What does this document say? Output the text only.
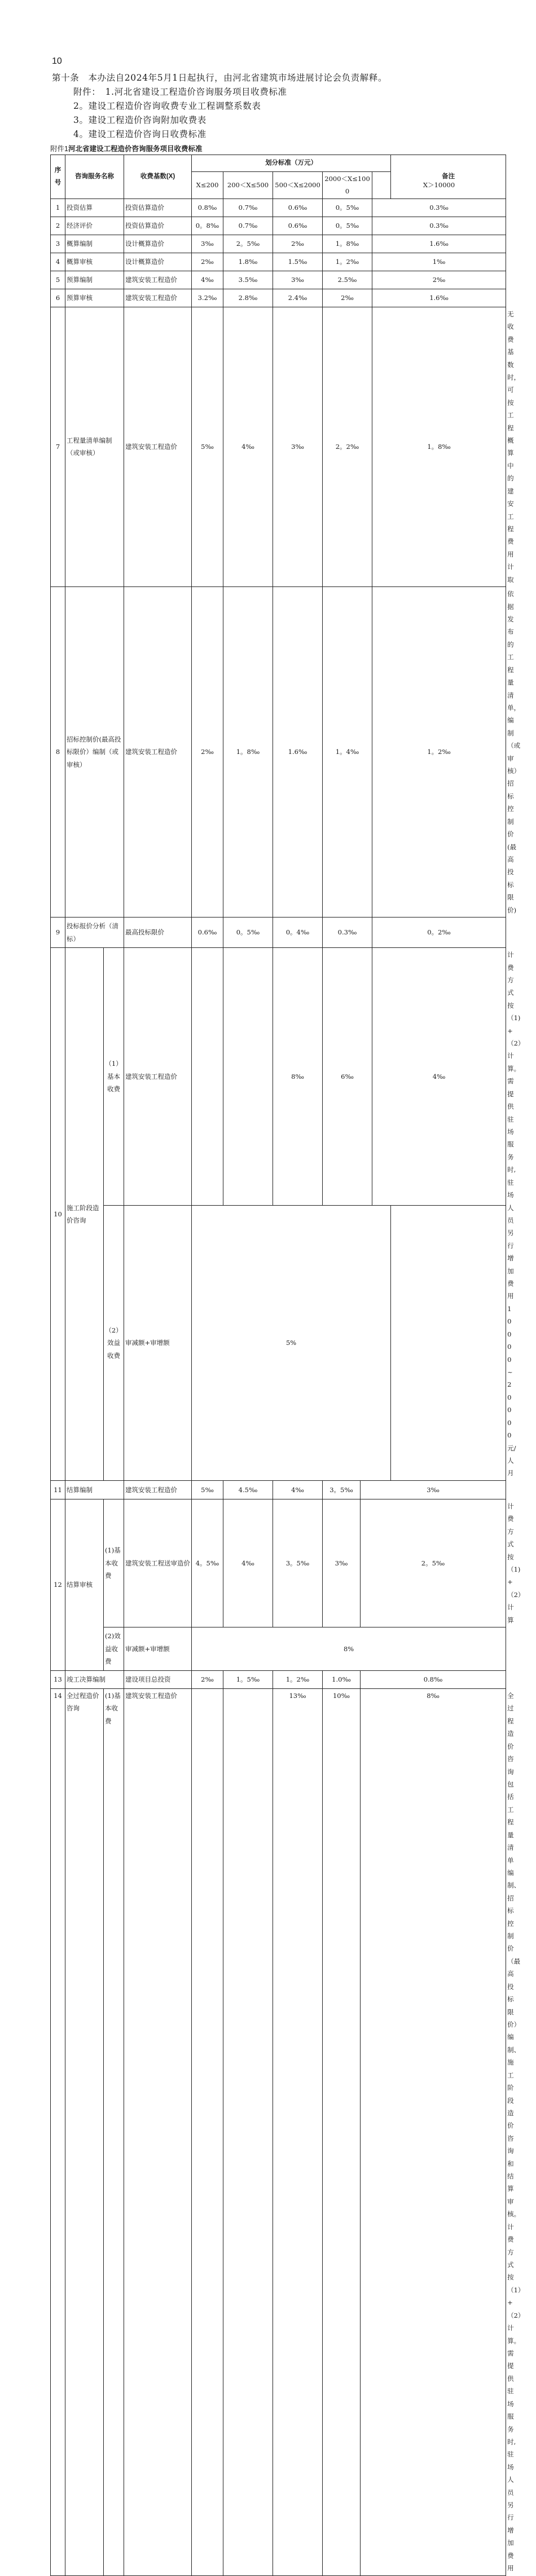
10
第十条　本办法自2024年5月1日起执行，由河北省建筑市场进展讨论会负责解释。
附件：　1.河北省建设工程造价咨询服务项目收费标准
2。建设工程造价咨询收费专业工程调整系数表
3。建设工程造价咨询附加收费表
4。建设工程造价咨询日收费标准
附件1河北省建设工程造价咨询服务项目收费标准
序号	咨询服务名称		收费基数(X)	划分标准（万元）						备注	
				X≤200	200＜X≤500	500＜X≤2000	2000＜X≤1000		X＞10000		
1	投资估算		投资估算造价	0.8‰	0.7‰	0.6‰	0。5‰		0.3‰		
2	经济评价		投资估算造价	0。8‰	0.7‰	0.6‰	0。5‰		0.3‰		
3	概算编制		设计概算造价	3‰	2。5‰	2‰	1。8‰		1.6‰		
4	概算审核		设计概算造价	2‰	1.8‰	1.5‰	1。2‰		1‰		
5	预算编制		建筑安装工程造价	4‰	3.5‰	3‰	2.5‰		2‰		
6	预算审核		建筑安装工程造价	3.2‰	2.8‰	2.4‰	2‰		1.6‰		
7	工程量清单编制（或审核）		建筑安装工程造价	5‰	4‰	3‰	2。2‰		1。8‰		无收费基数时，可按工程概算中的建安工程费用计取
8	招标控制价(最高投标限价）编制（或审核）		建筑安装工程造价	2‰	1。8‰	1.6‰	1。4‰		1。2‰		依据发布的工程量清单，编制（或审核）招标控制价(最高投标限价)
9	投标报价分析（清标）		最高投标限价	0.6‰	0。5‰	0。4‰	0.3‰		0。2‰		
10	施工阶段造价咨询	（1）基本收费	建筑安装工程造价			8‰	6‰		4‰		计费方式按（1)+（2）计算。需提供驻场服务时,驻场人员另行增加费用10000~20000元/人月
		（2）效益收费	审减额+审增额	5%							
11	结算编制		建筑安装工程造价	5‰	4.5‰	4‰	3。5‰	3‰			
12	结算审核	(1)基本收费	建筑安装工程送审造价	4。5‰	4‰	3。5‰	3‰	2。5‰			计费方式按（1)+（2）计算
		(2)效益收费	审减额+审增额	8%							
13	竣工决算编制		建设项目总投资	2‰	1。5‰	1。2‰	1.0‰	0.8‰			
14	全过程造价咨询	(1)基本收费	建筑安装工程造价			13‰	10‰	8‰			全过程造价咨询包括工程量清单编制、招标控制价（最高投标限价）编制、施工阶段造价咨询和结算审核。计费方式按（1）+（2）计算。需提供驻场服务时,驻场人员另行增加费用
